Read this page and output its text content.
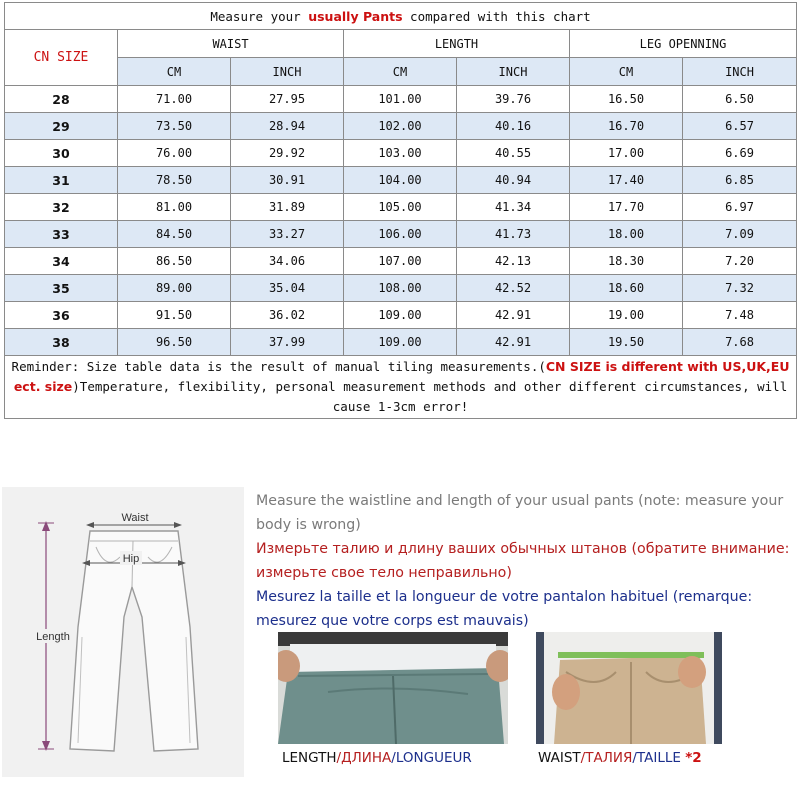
Measure your usually Pants compared with this chart						
CN SIZE	WAIST		LENGTH		LEG OPENNING	
	CM	INCH	CM	INCH	CM	INCH
28	71.00	27.95	101.00	39.76	16.50	6.50
29	73.50	28.94	102.00	40.16	16.70	6.57
30	76.00	29.92	103.00	40.55	17.00	6.69
31	78.50	30.91	104.00	40.94	17.40	6.85
32	81.00	31.89	105.00	41.34	17.70	6.97
33	84.50	33.27	106.00	41.73	18.00	7.09
34	86.50	34.06	107.00	42.13	18.30	7.20
35	89.00	35.04	108.00	42.52	18.60	7.32
36	91.50	36.02	109.00	42.91	19.00	7.48
38	96.50	37.99	109.00	42.91	19.50	7.68
Reminder: Size table data is the result of manual tiling measurements.(CN SIZE is different with US,UK,EU ect. size)Temperature, flexibility, personal measurement methods and other different circumstances, will cause 1-3cm error!						
Waist
Hip
Length
Measure the waistline and length of your usual pants (note: measure your body is wrong)
Измерьте талию и длину ваших обычных штанов (обратите внимание: измерьте свое тело неправильно)
Mesurez la taille et la longueur de votre pantalon habituel (remarque: mesurez que votre corps est mauvais)
LENGTH/ДЛИНА/LONGUEUR	WAIST/ТАЛИЯ/TAILLE *2
